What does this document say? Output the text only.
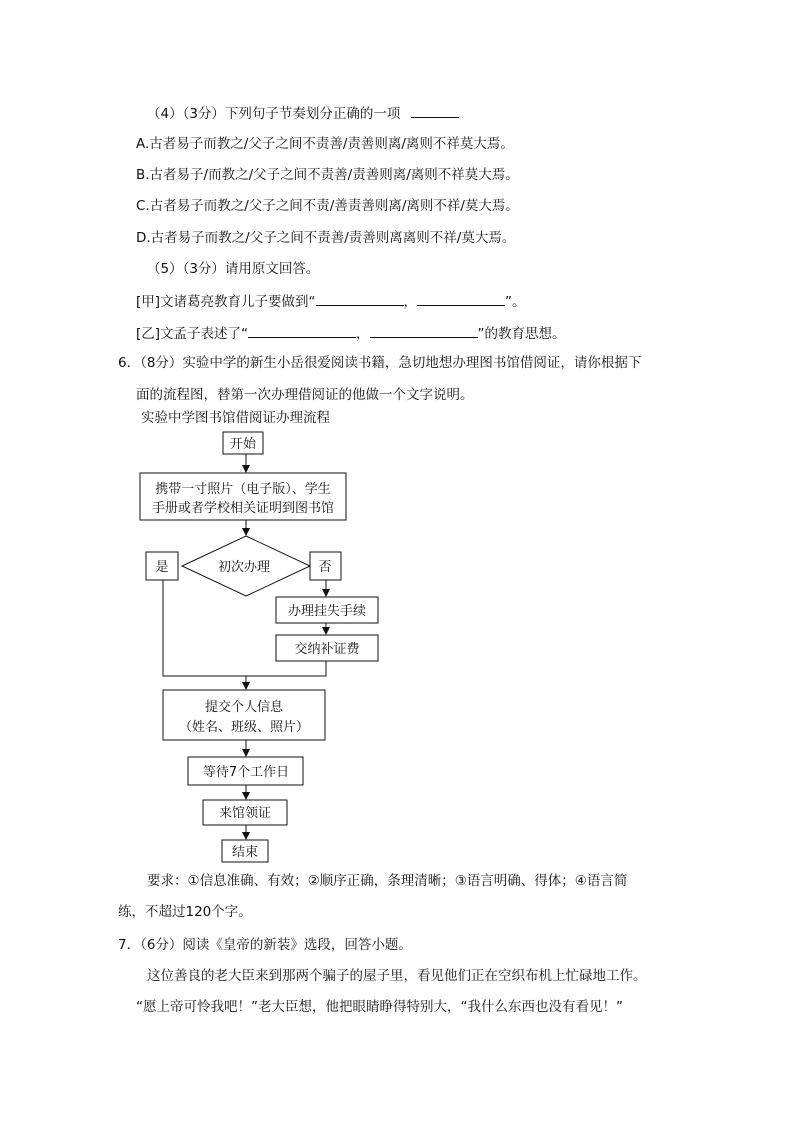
（4）（3分）下列句子节奏划分正确的一项
A.古者易子而教之/父子之间不责善/责善则离/离则不祥莫大焉。
B.古者易子/而教之/父子之间不责善/责善则离/离则不祥莫大焉。
C.古者易子而教之/父子之间不责/善责善则离/离则不祥/莫大焉。
D.古者易子而教之/父子之间不责善/责善则离离则不祥/莫大焉。
（5）（3分）请用原文回答。
[甲]文诸葛亮教育儿子要做到“	，	”。
[乙]文孟子表述了“	，	”的教育思想。
6．（8分）实验中学的新生小岳很爱阅读书籍，急切地想办理图书馆借阅证，请你根据下
面的流程图，替第一次办理借阅证的他做一个文字说明。
实验中学图书馆借阅证办理流程
开始
携带一寸照片（电子版）、学生
手册或者学校相关证明到图书馆
初次办理
是	否
办理挂失手续
交纳补证费
提交个人信息
（姓名、班级、照片）
等待7个工作日
来馆领证
结束
要求：①信息准确、有效；②顺序正确，条理清晰；③语言明确、得体；④语言简
练，不超过120个字。
7．（6分）阅读《皇帝的新装》选段，回答小题。
这位善良的老大臣来到那两个骗子的屋子里，看见他们正在空织布机上忙碌地工作。
“愿上帝可怜我吧！”老大臣想，他把眼睛睁得特别大，“我什么东西也没有看见！”
